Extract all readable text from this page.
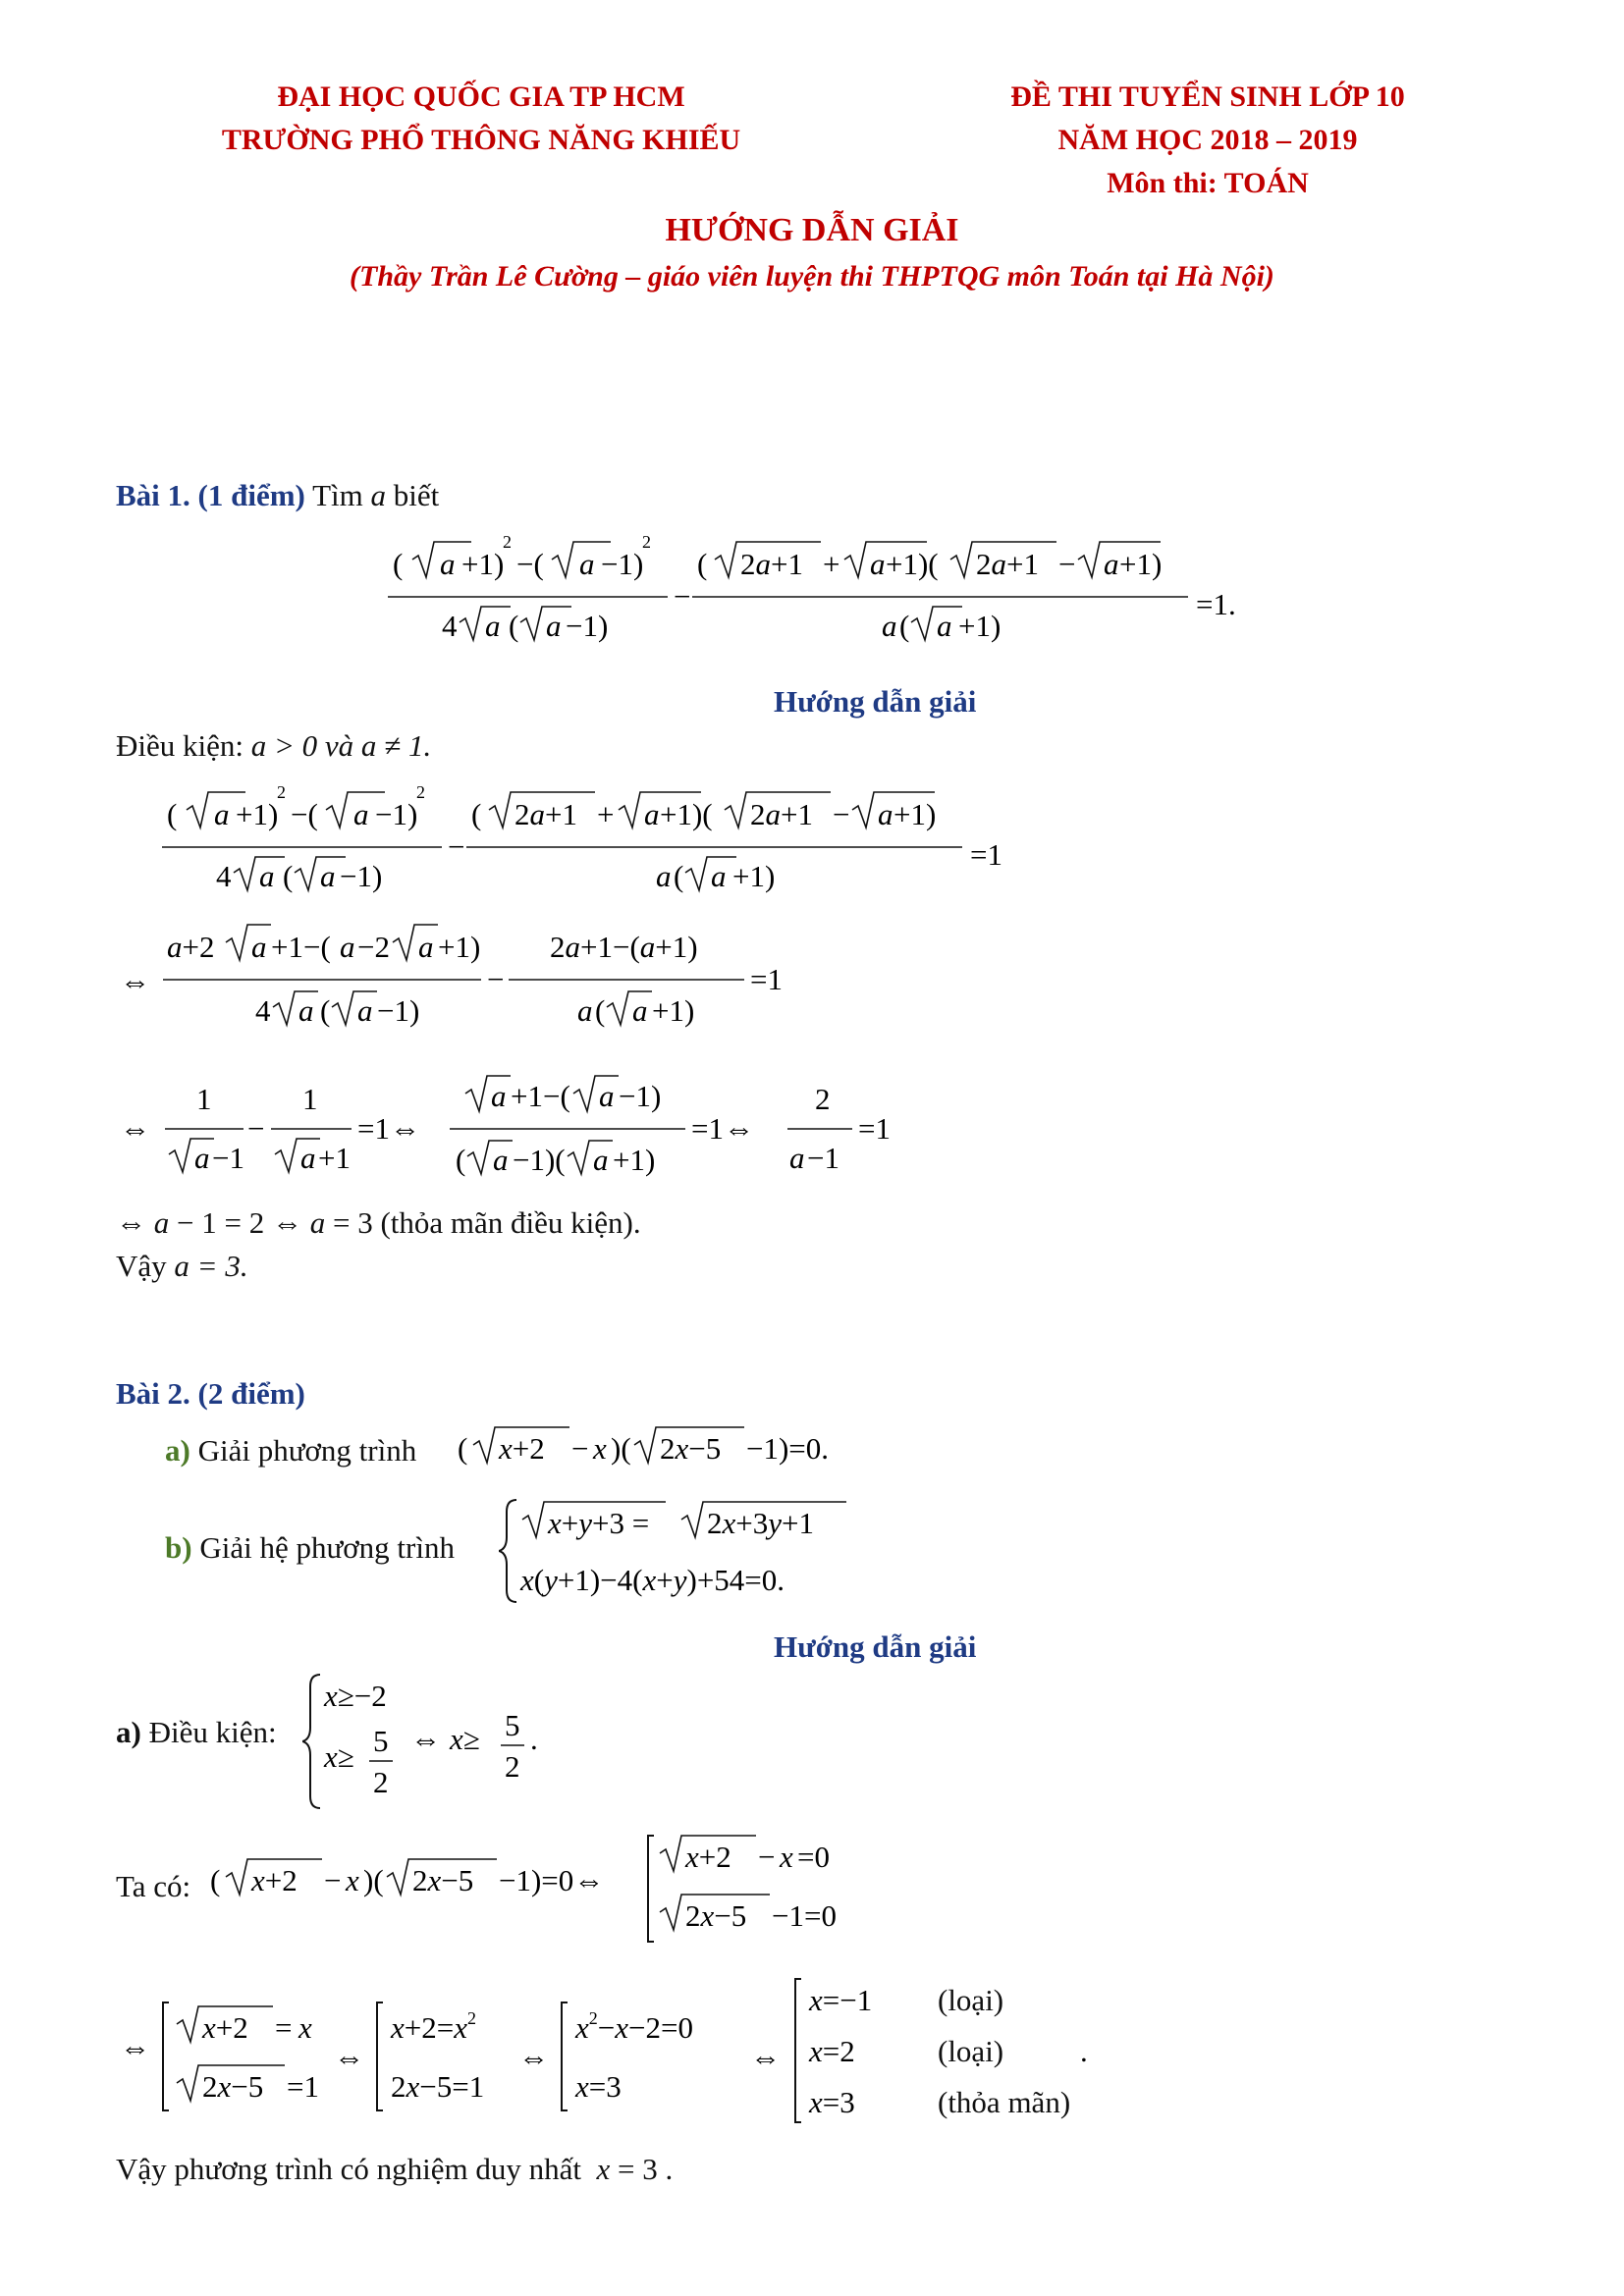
ĐẠI HỌC QUỐC GIA TP HCM
TRƯỜNG PHỔ THÔNG NĂNG KHIẾU
ĐỀ THI TUYỂN SINH LỚP 10
NĂM HỌC 2018 – 2019
Môn thi: TOÁN
HƯỚNG DẪN GIẢI
(Thầy Trần Lê Cường – giáo viên luyện thi THPTQG môn Toán tại Hà Nội)
Bài 1. (1 điểm) Tìm a biết
( a +1)
2
−( a −1)
2
4 a ( a −1)
−
( 2a+1 + a +1)( 2a+1 − a +1)
a ( a +1)
=1.
Hướng dẫn giải
Điều kiện: a > 0 và a ≠ 1.
( a +1)
2
−( a −1)
2
4 a ( a −1)
−
( 2a+1 + a +1)( 2a+1 − a +1)
a ( a +1)
=1
⇔
a+2 a +1−( a −2 a +1)
4 a ( a −1)
−
2a+1−(a+1)
a ( a +1)
=1
⇔
1
a −1
−
1
a +1
=1⇔
a +1−( a −1)
( a −1)( a +1)
=1⇔
2
a −1
=1
⇔ a − 1 = 2 ⇔ a = 3 (thỏa mãn điều kiện).
Vậy a = 3.
Bài 2. (2 điểm)
a) Giải phương trình ( x+2 − x )( 2x−5 −1)=0.
b) Giải hệ phương trình
x+y+3 = 2x+3y+1
x(y+1)−4(x+y)+54=0.
Hướng dẫn giải
a) Điều kiện:
x≥−2
x≥ 5
2
⇔ x≥ 5
2
.
Ta có: ( x+2 − x )( 2x−5 −1)=0⇔
x+2 − x =0
2x−5 −1=0
⇔
x+2 = x
2x−5 =1
⇔
$x+2=x^2$
2x−5=1
⇔
$x^2-x-2=0$
x=3
⇔
x=−1
x=2
x=3
.
(loại)
(loại)
(thỏa mãn)
Vậy phương trình có nghiệm duy nhất x = 3 .
